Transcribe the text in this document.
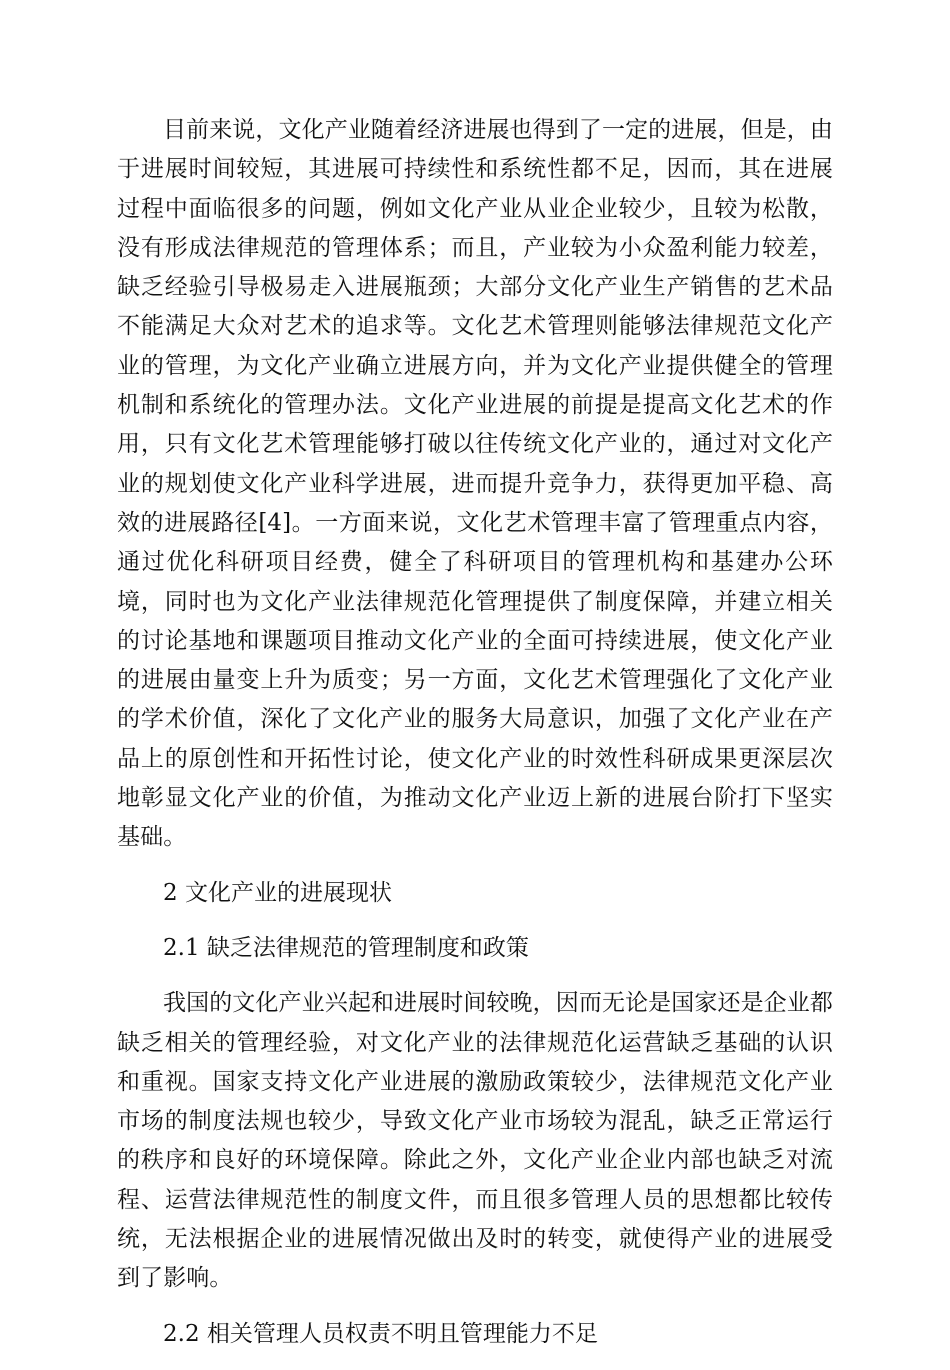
目前来说，文化产业随着经济进展也得到了一定的进展，但是，由于进展时间较短，其进展可持续性和系统性都不足，因而，其在进展过程中面临很多的问题，例如文化产业从业企业较少，且较为松散，没有形成法律规范的管理体系；而且，产业较为小众盈利能力较差，缺乏经验引导极易走入进展瓶颈；大部分文化产业生产销售的艺术品不能满足大众对艺术的追求等。文化艺术管理则能够法律规范文化产业的管理，为文化产业确立进展方向，并为文化产业提供健全的管理机制和系统化的管理办法。文化产业进展的前提是提高文化艺术的作用，只有文化艺术管理能够打破以往传统文化产业的，通过对文化产业的规划使文化产业科学进展，进而提升竞争力，获得更加平稳、高效的进展路径[4]。一方面来说，文化艺术管理丰富了管理重点内容，通过优化科研项目经费，健全了科研项目的管理机构和基建办公环境，同时也为文化产业法律规范化管理提供了制度保障，并建立相关的讨论基地和课题项目推动文化产业的全面可持续进展，使文化产业的进展由量变上升为质变；另一方面，文化艺术管理强化了文化产业的学术价值，深化了文化产业的服务大局意识，加强了文化产业在产品上的原创性和开拓性讨论，使文化产业的时效性科研成果更深层次地彰显文化产业的价值，为推动文化产业迈上新的进展台阶打下坚实基础。

2 文化产业的进展现状

2.1 缺乏法律规范的管理制度和政策

我国的文化产业兴起和进展时间较晚，因而无论是国家还是企业都缺乏相关的管理经验，对文化产业的法律规范化运营缺乏基础的认识和重视。国家支持文化产业进展的激励政策较少，法律规范文化产业市场的制度法规也较少，导致文化产业市场较为混乱，缺乏正常运行的秩序和良好的环境保障。除此之外，文化产业企业内部也缺乏对流程、运营法律规范性的制度文件，而且很多管理人员的思想都比较传统，无法根据企业的进展情况做出及时的转变，就使得产业的进展受到了影响。

2.2 相关管理人员权责不明且管理能力不足
